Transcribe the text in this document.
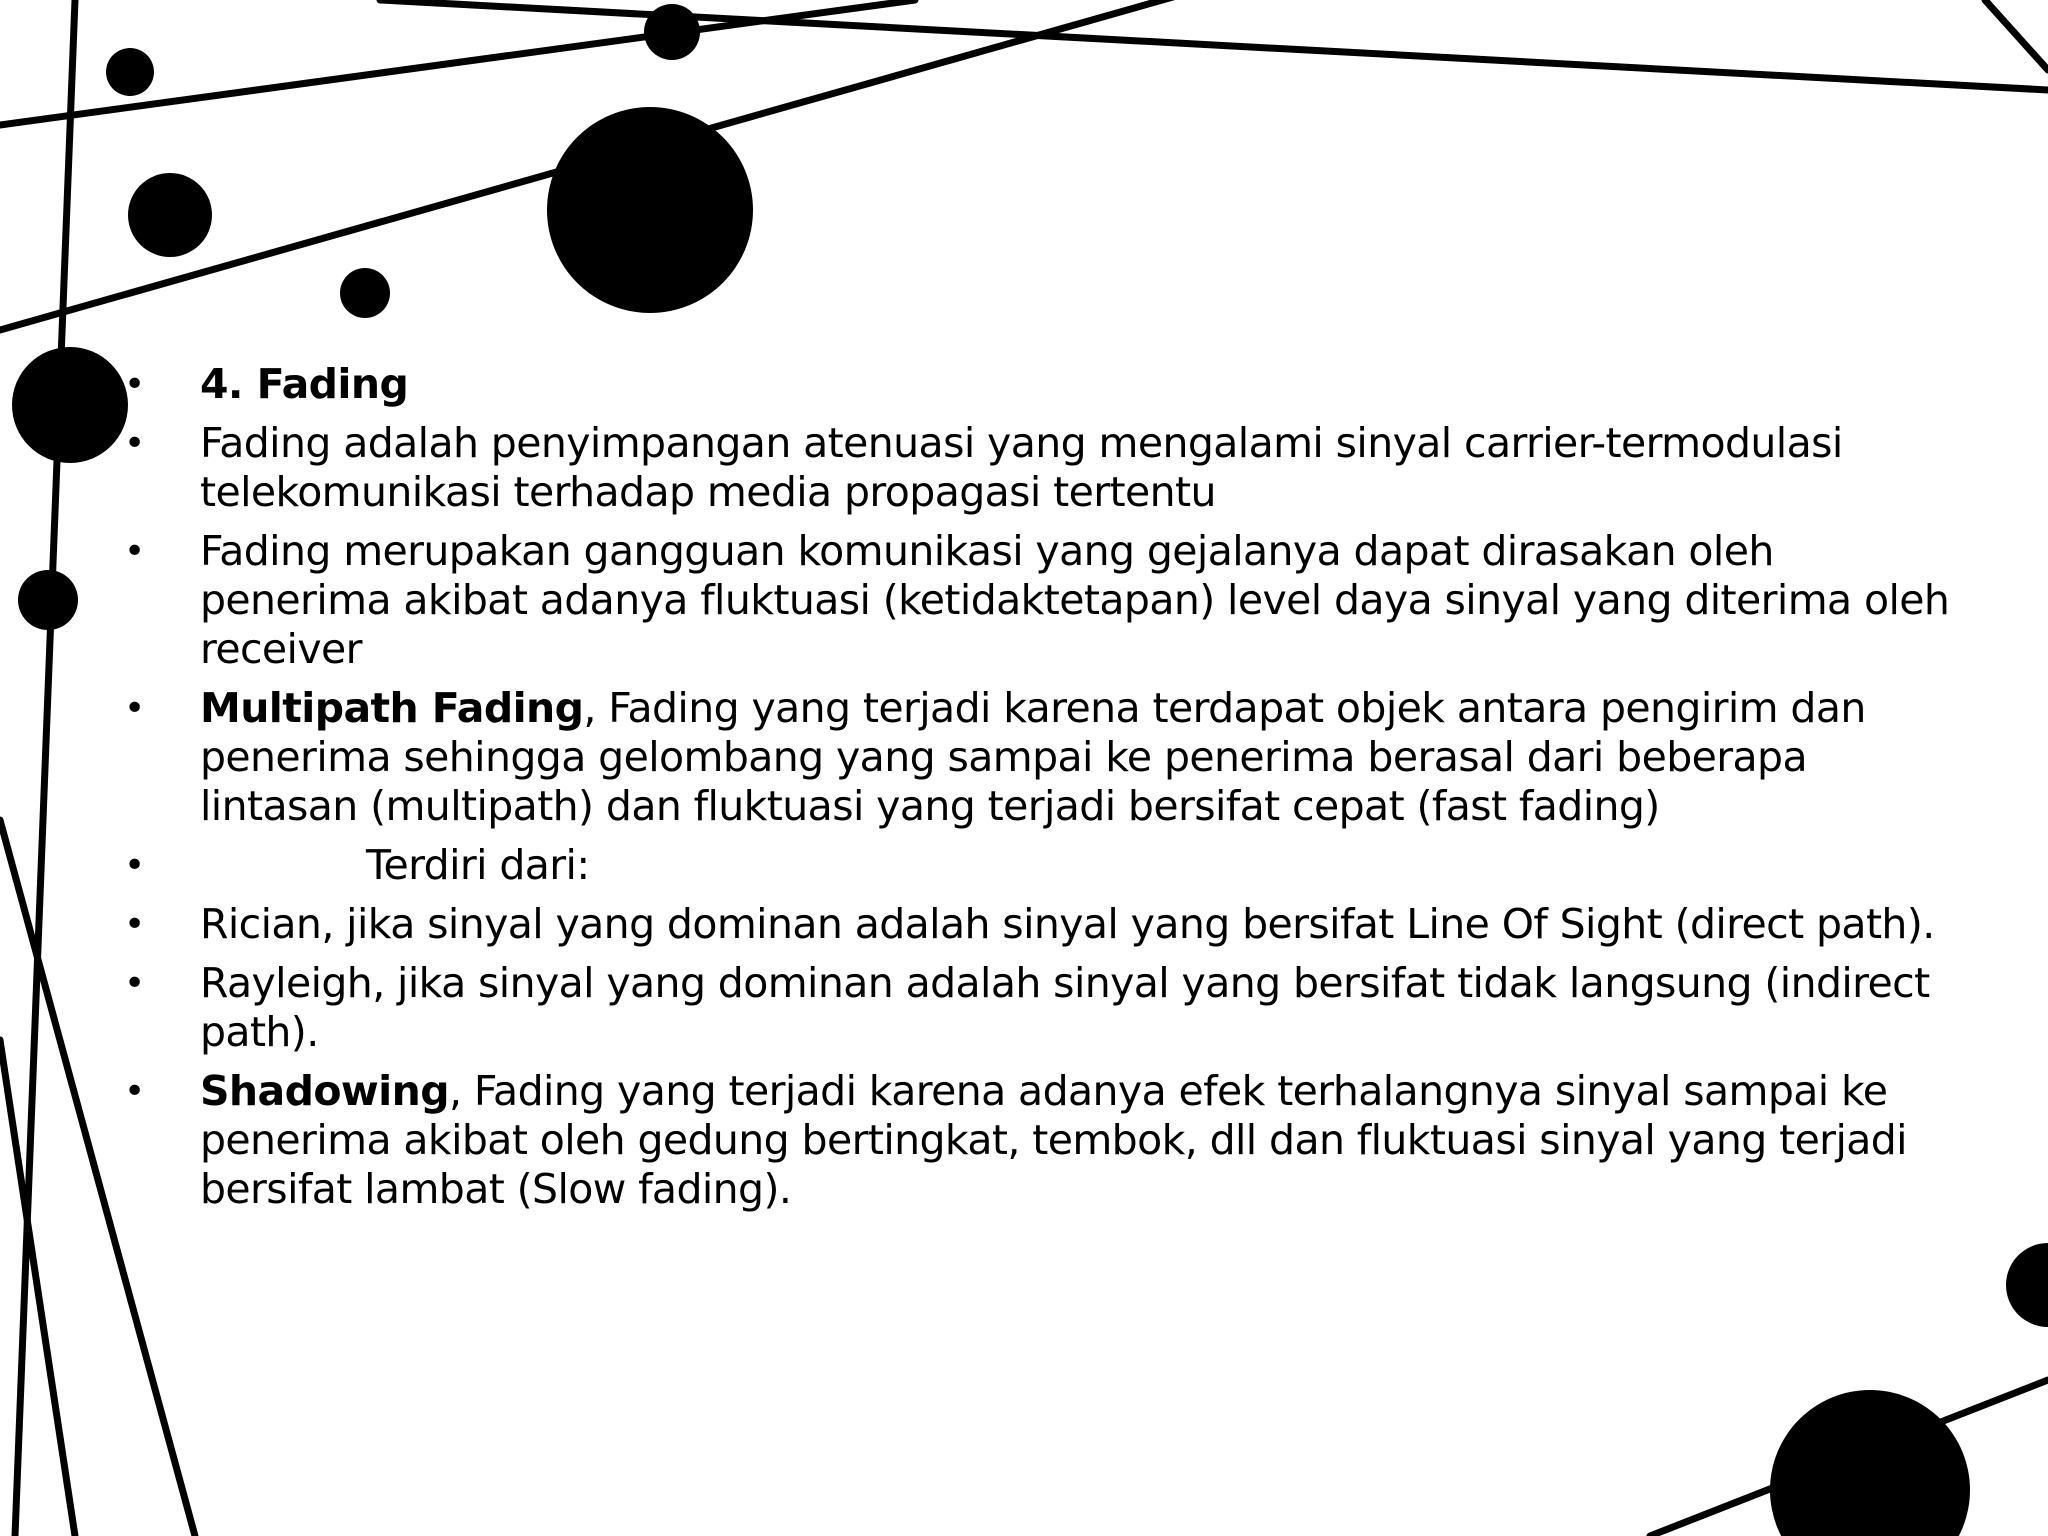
• 4. Fading
• Fading adalah penyimpangan atenuasi yang mengalami sinyal carrier-termodulasi telekomunikasi terhadap media propagasi tertentu
• Fading merupakan gangguan komunikasi yang gejalanya dapat dirasakan oleh penerima akibat adanya fluktuasi (ketidaktetapan) level daya sinyal yang diterima oleh receiver
• Multipath Fading, Fading yang terjadi karena terdapat objek antara pengirim dan penerima sehingga gelombang yang sampai ke penerima berasal dari beberapa lintasan (multipath) dan fluktuasi yang terjadi bersifat cepat (fast fading)
•	Terdiri dari:
• Rician, jika sinyal yang dominan adalah sinyal yang bersifat Line Of Sight (direct path).
• Rayleigh, jika sinyal yang dominan adalah sinyal yang bersifat tidak langsung (indirect path).
• Shadowing, Fading yang terjadi karena adanya efek terhalangnya sinyal sampai ke penerima akibat oleh gedung bertingkat, tembok, dll dan fluktuasi sinyal yang terjadi bersifat lambat (Slow fading).
